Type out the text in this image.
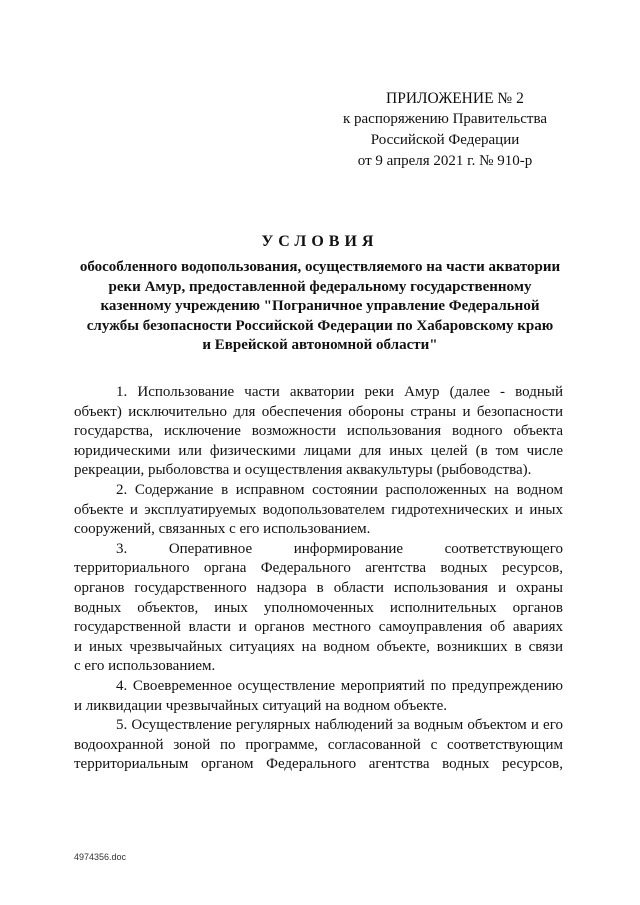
ПРИЛОЖЕНИЕ № 2
к распоряжению Правительства
Российской Федерации
от 9 апреля 2021 г. № 910-р
УСЛОВИЯ
обособленного водопользования, осуществляемого на части акватории
реки Амур, предоставленной федеральному государственному
казенному учреждению "Пограничное управление Федеральной
службы безопасности Российской Федерации по Хабаровскому краю
и Еврейской автономной области"
1. Использование части акватории реки Амур (далее - водный
объект) исключительно для обеспечения обороны страны и безопасности
государства, исключение возможности использования водного объекта
юридическими или физическими лицами для иных целей (в том числе
рекреации, рыболовства и осуществления аквакультуры (рыбоводства).
2. Содержание в исправном состоянии расположенных на водном
объекте и эксплуатируемых водопользователем гидротехнических и иных
сооружений, связанных с его использованием.
3. Оперативное информирование соответствующего
территориального органа Федерального агентства водных ресурсов,
органов государственного надзора в области использования и охраны
водных объектов, иных уполномоченных исполнительных органов
государственной власти и органов местного самоуправления об авариях
и иных чрезвычайных ситуациях на водном объекте, возникших в связи
с его использованием.
4. Своевременное осуществление мероприятий по предупреждению
и ликвидации чрезвычайных ситуаций на водном объекте.
5. Осуществление регулярных наблюдений за водным объектом и его
водоохранной зоной по программе, согласованной с соответствующим
территориальным органом Федерального агентства водных ресурсов,
4974356.doc
